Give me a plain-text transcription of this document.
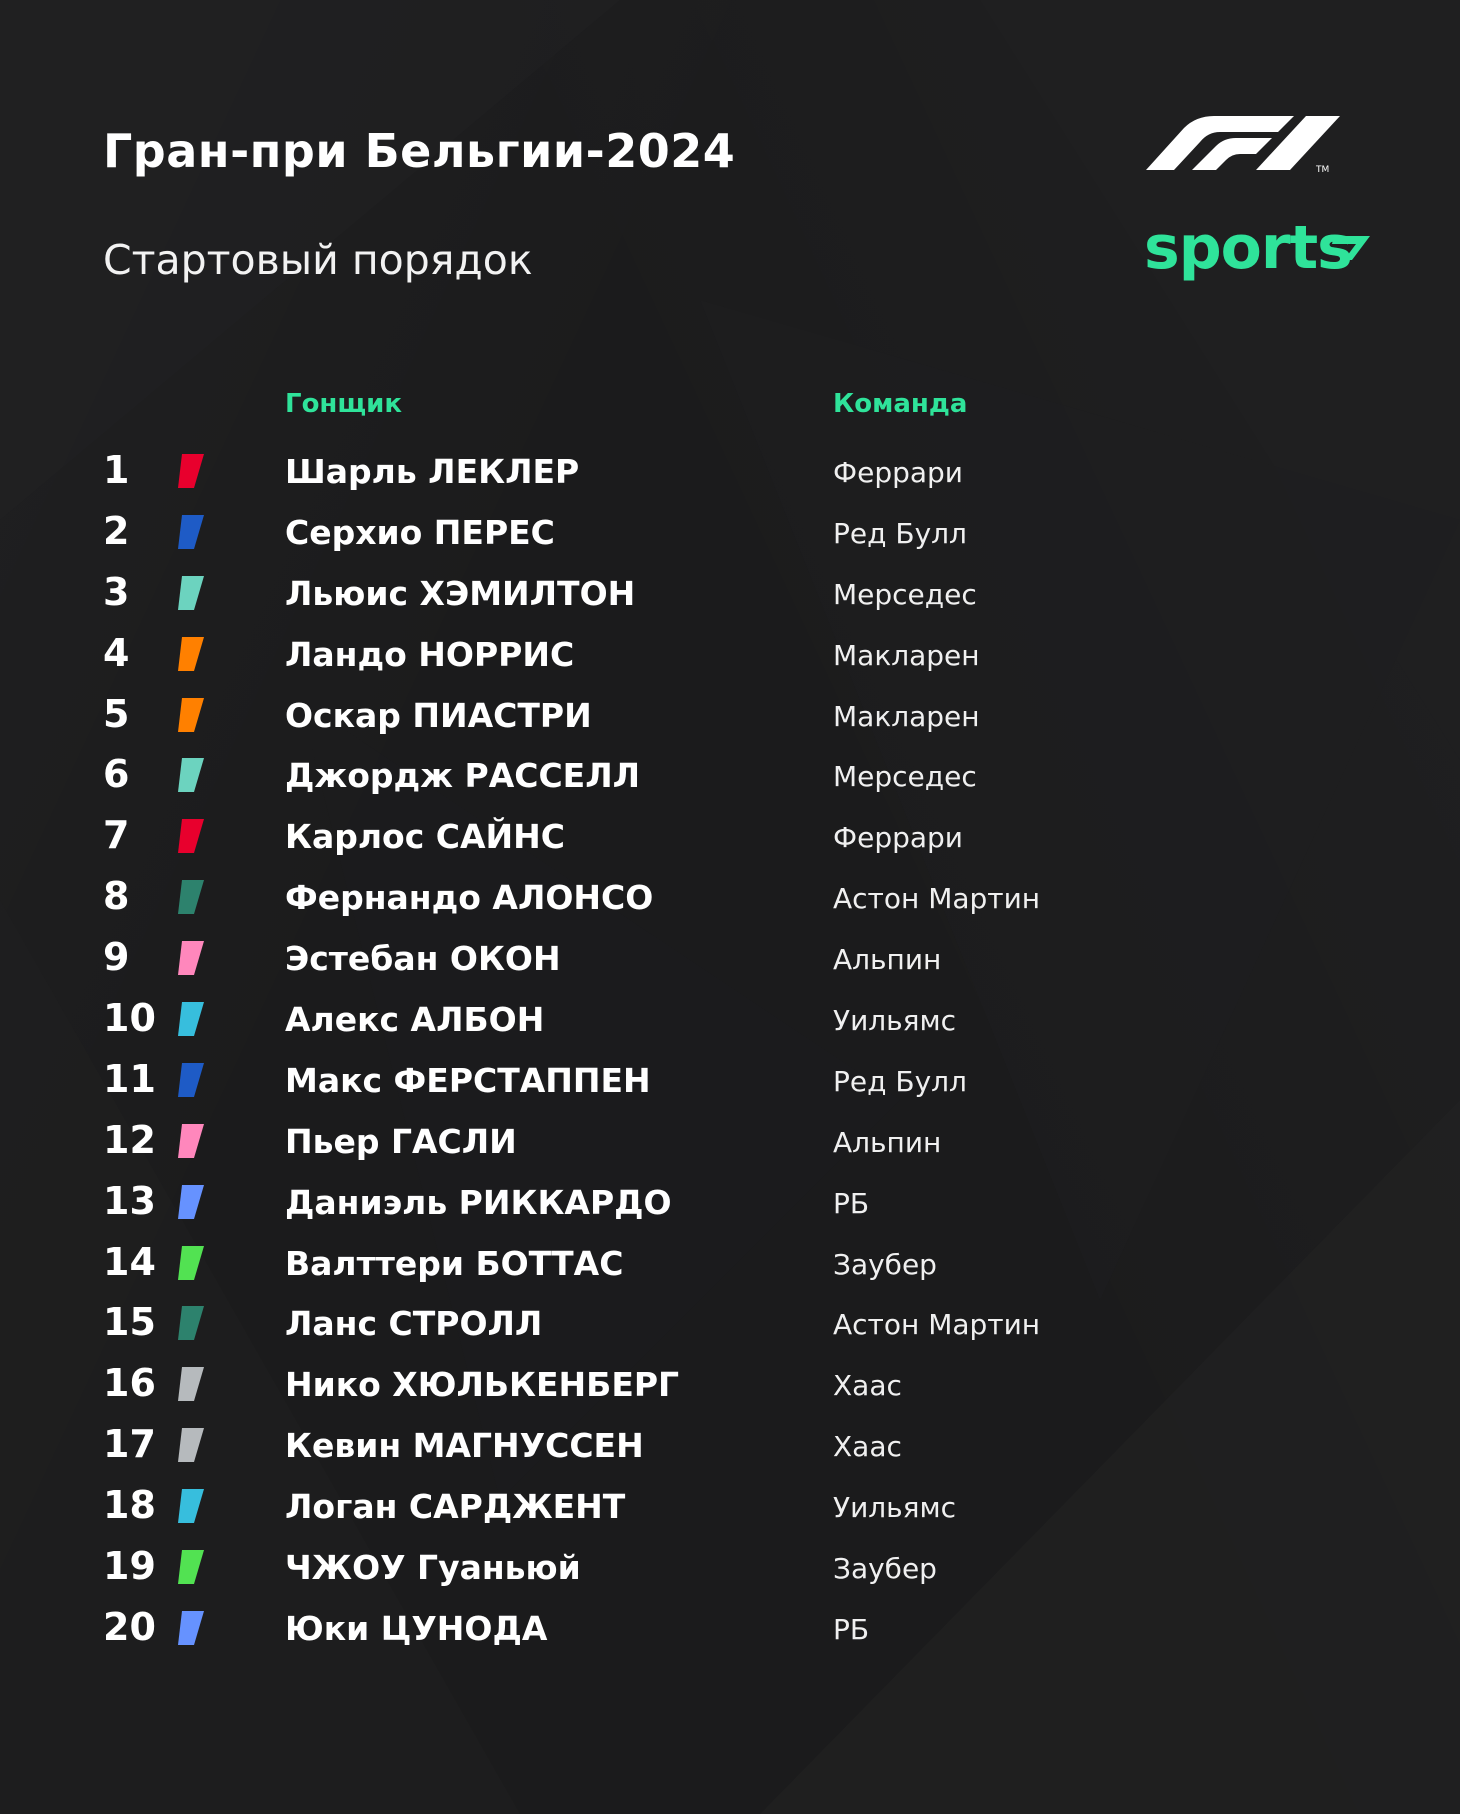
Гран-при Бельгии-2024
Стартовый порядок
TM
sports
Гонщик	Команда
1	Шарль ЛЕКЛЕР	Феррари
2	Серхио ПЕРЕС	Ред Булл
3	Льюис ХЭМИЛТОН	Мерседес
4	Ландо НОРРИС	Макларен
5	Оскар ПИАСТРИ	Макларен
6	Джордж РАССЕЛЛ	Мерседес
7	Карлос САЙНС	Феррари
8	Фернандо АЛОНСО	Астон Мартин
9	Эстебан ОКОН	Альпин
10	Алекс АЛБОН	Уильямс
11	Макс ФЕРСТАППЕН	Ред Булл
12	Пьер ГАСЛИ	Альпин
13	Даниэль РИККАРДО	РБ
14	Валттери БОТТАС	Заубер
15	Ланс СТРОЛЛ	Астон Мартин
16	Нико ХЮЛЬКЕНБЕРГ	Хаас
17	Кевин МАГНУССЕН	Хаас
18	Логан САРДЖЕНТ	Уильямс
19	ЧЖОУ Гуаньюй	Заубер
20	Юки ЦУНОДА	РБ
